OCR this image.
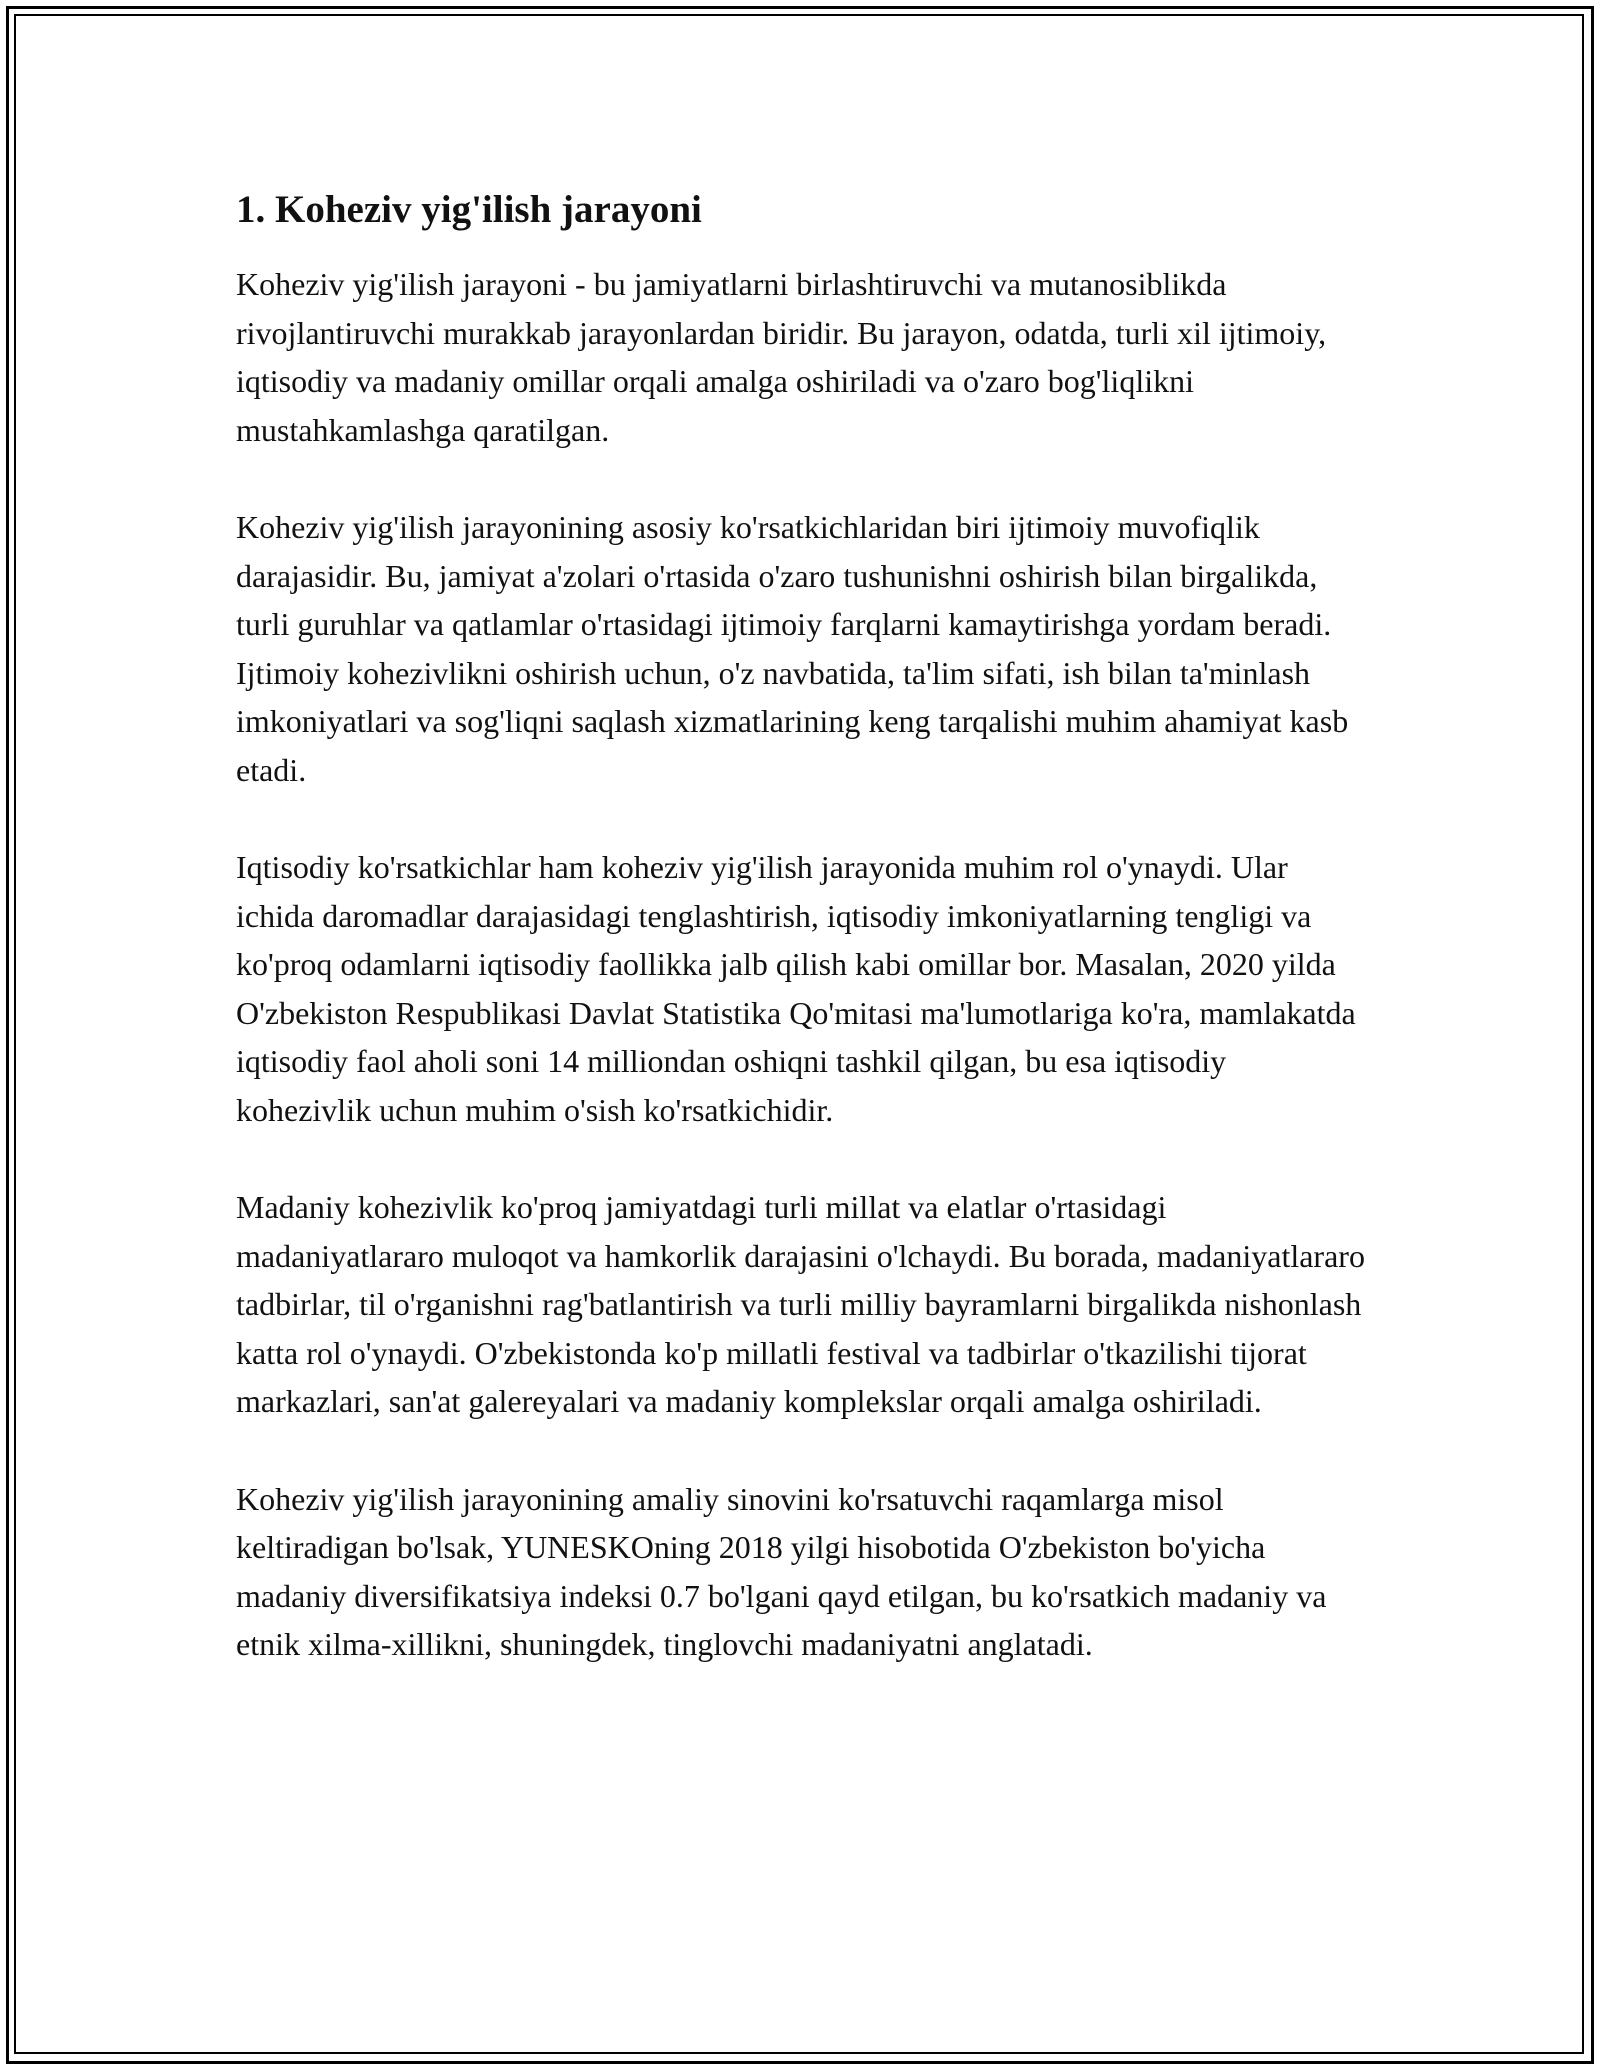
1. Koheziv yig'ilish jarayoni

Koheziv yig'ilish jarayoni - bu jamiyatlarni birlashtiruvchi va mutanosiblikda rivojlantiruvchi murakkab jarayonlardan biridir. Bu jarayon, odatda, turli xil ijtimoiy, iqtisodiy va madaniy omillar orqali amalga oshiriladi va o'zaro bog'liqlikni mustahkamlashga qaratilgan.

Koheziv yig'ilish jarayonining asosiy ko'rsatkichlaridan biri ijtimoiy muvofiqlik darajasidir. Bu, jamiyat a'zolari o'rtasida o'zaro tushunishni oshirish bilan birgalikda, turli guruhlar va qatlamlar o'rtasidagi ijtimoiy farqlarni kamaytirishga yordam beradi. Ijtimoiy kohezivlikni oshirish uchun, o'z navbatida, ta'lim sifati, ish bilan ta'minlash imkoniyatlari va sog'liqni saqlash xizmatlarining keng tarqalishi muhim ahamiyat kasb etadi.

Iqtisodiy ko'rsatkichlar ham koheziv yig'ilish jarayonida muhim rol o'ynaydi. Ular ichida daromadlar darajasidagi tenglashtirish, iqtisodiy imkoniyatlarning tengligi va ko'proq odamlarni iqtisodiy faollikka jalb qilish kabi omillar bor. Masalan, 2020 yilda O'zbekiston Respublikasi Davlat Statistika Qo'mitasi ma'lumotlariga ko'ra, mamlakatda iqtisodiy faol aholi soni 14 milliondan oshiqni tashkil qilgan, bu esa iqtisodiy kohezivlik uchun muhim o'sish ko'rsatkichidir.

Madaniy kohezivlik ko'proq jamiyatdagi turli millat va elatlar o'rtasidagi madaniyatlararo muloqot va hamkorlik darajasini o'lchaydi. Bu borada, madaniyatlararo tadbirlar, til o'rganishni rag'batlantirish va turli milliy bayramlarni birgalikda nishonlash katta rol o'ynaydi. O'zbekistonda ko'p millatli festival va tadbirlar o'tkazilishi tijorat markazlari, san'at galereyalari va madaniy komplekslar orqali amalga oshiriladi.

Koheziv yig'ilish jarayonining amaliy sinovini ko'rsatuvchi raqamlarga misol keltiradigan bo'lsak, YUNESKOning 2018 yilgi hisobotida O'zbekiston bo'yicha madaniy diversifikatsiya indeksi 0.7 bo'lgani qayd etilgan, bu ko'rsatkich madaniy va etnik xilma-xillikni, shuningdek, tinglovchi madaniyatni anglatadi.
